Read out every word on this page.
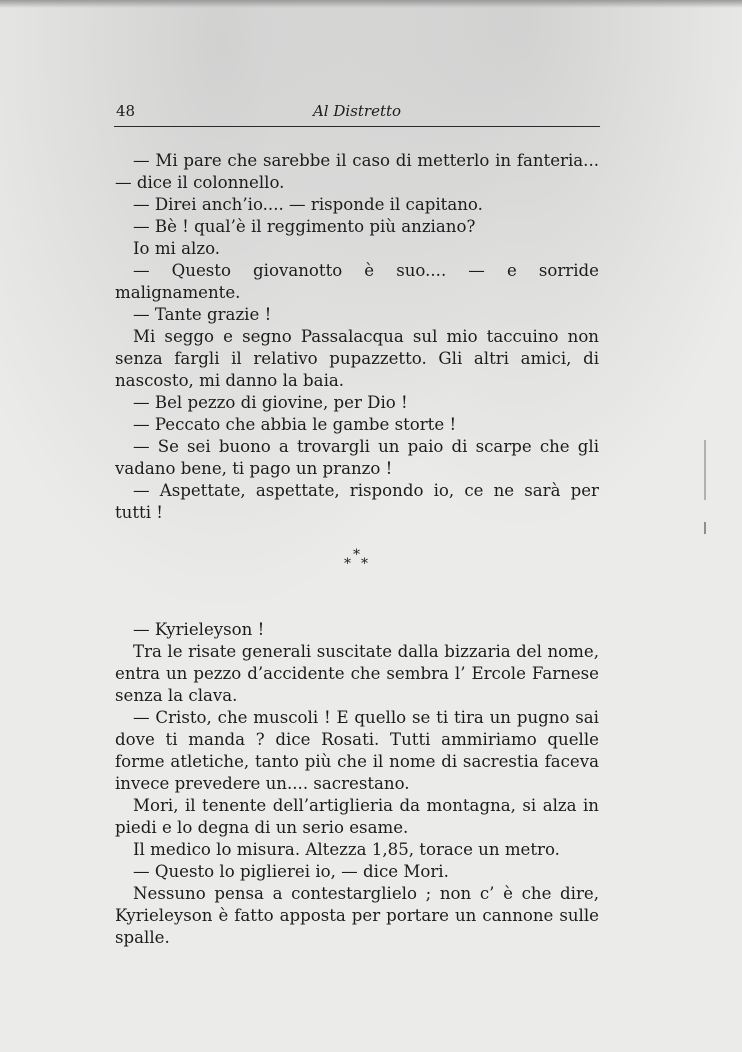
48	Al Distretto

— Mi pare che sarebbe il caso di metterlo in fanteria... — dice il colonnello.

— Direi anch’io.... — risponde il capitano.

— Bè ! qual’è il reggimento più anziano?

Io mi alzo.

— Questo giovanotto è suo.... — e sorride malignamente.

— Tante grazie !

Mi seggo e segno Passalacqua sul mio taccuino non senza fargli il relativo pupazzetto. Gli altri amici, di nascosto, mi danno la baia.

— Bel pezzo di giovine, per Dio !

— Peccato che abbia le gambe storte !

— Se sei buono a trovargli un paio di scarpe che gli vadano bene, ti pago un pranzo !

— Aspettate, aspettate, rispondo io, ce ne sarà per tutti !

*
* *

— Kyrieleyson !

Tra le risate generali suscitate dalla bizzaria del nome, entra un pezzo d’accidente che sembra l’ Ercole Farnese senza la clava.

— Cristo, che muscoli ! E quello se ti tira un pugno sai dove ti manda ? dice Rosati. Tutti ammiriamo quelle forme atletiche, tanto più che il nome di sacrestia faceva invece prevedere un.... sacrestano.

Mori, il tenente dell’artiglieria da montagna, si alza in piedi e lo degna di un serio esame.

Il medico lo misura. Altezza 1,85, torace un metro.

— Questo lo piglierei io, — dice Mori.

Nessuno pensa a contestarglielo ; non c’ è che dire, Kyrieleyson è fatto apposta per portare un cannone sulle spalle.
